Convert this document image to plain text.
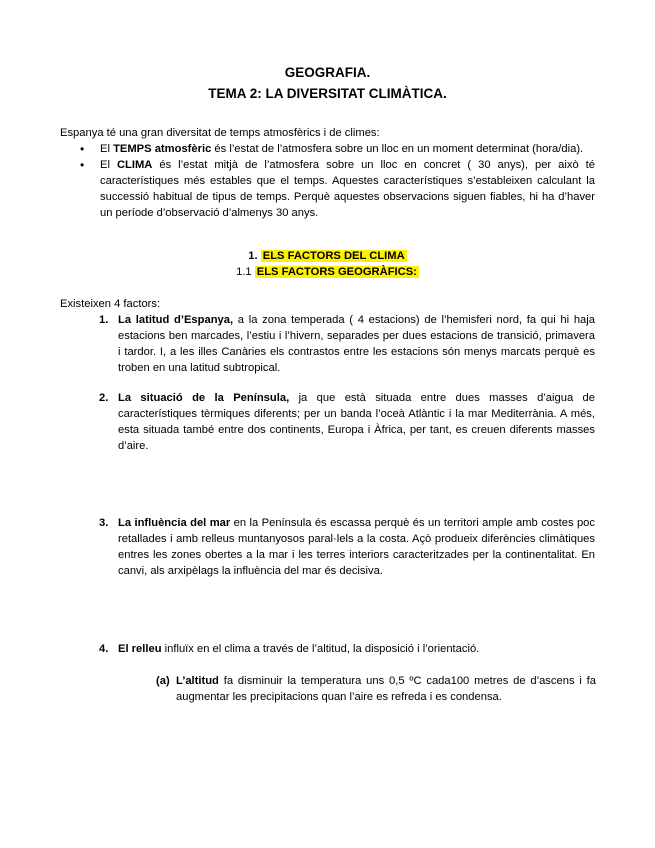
GEOGRAFIA.
TEMA 2: LA DIVERSITAT CLIMÀTICA.
Espanya té una gran diversitat de temps atmosfèrics i de climes:
• El TEMPS atmosfèric és l’estat de l’atmosfera sobre un lloc en un moment determinat (hora/dia).
• El CLIMA és l’estat mitjà de l’atmosfera sobre un lloc en concret ( 30 anys), per això té característiques més estables que el temps. Aquestes característiques s’estableixen calculant la successió habitual de tipus de temps. Perquè aquestes observacions siguen fiables, hi ha d’haver un període d’observació d’almenys 30 anys.
1. ELS FACTORS DEL CLIMA
1.1 ELS FACTORS GEOGRÀFICS:
Existeixen 4 factors:
1. La latitud d’Espanya, a la zona temperada ( 4 estacions) de l’hemisferi nord, fa qui hi haja estacions ben marcades, l’estiu i l’hivern, separades per dues estacions de transició, primavera i tardor. I, a les illes Canàries els contrastos entre les estacions són menys marcats perquè es troben en una latitud subtropical.
2. La situació de la Península, ja que està situada entre dues masses d’aigua de característiques tèrmiques diferents; per un banda l’oceà Atlàntic i la mar Mediterrània. A més, esta situada també entre dos continents, Europa i Àfrica, per tant, es creuen diferents masses d’aire.
3. La influència del mar en la Península és escassa perquè és un territori ample amb costes poc retallades i amb relleus muntanyosos paral·lels a la costa. Açò produeix diferències climàtiques entres les zones obertes a la mar i les terres interiors caracteritzades per la continentalitat. En canvi, als arxipèlags la influència del mar és decisiva.
4. El relleu influïx en el clima a través de l’altitud, la disposició i l’orientació.
(a) L’altitud fa disminuir la temperatura uns 0,5 ºC cada100 metres de d’ascens i fa augmentar les precipitacions quan l’aire es refreda i es condensa.
